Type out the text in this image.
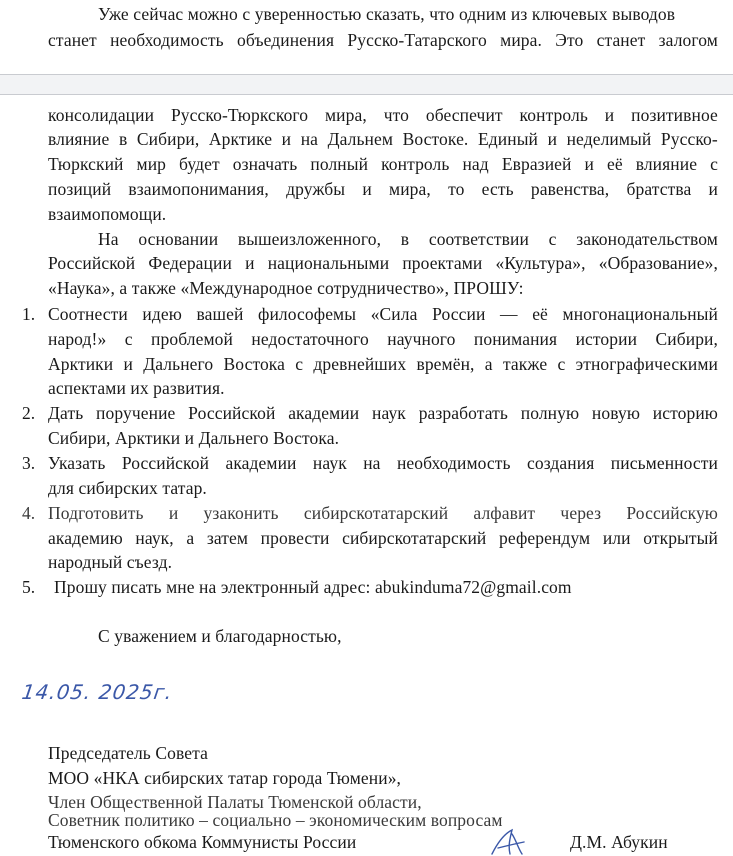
Уже сейчас можно с уверенностью сказать, что одним из ключевых выводов
станет необходимость объединения Русско-Татарского мира. Это станет залогом
консолидации Русско-Тюркского мира, что обеспечит контроль и позитивное
влияние в Сибири, Арктике и на Дальнем Востоке. Единый и неделимый Русско-
Тюркский мир будет означать полный контроль над Евразией и её влияние с
позиций взаимопонимания, дружбы и мира, то есть равенства, братства и
взаимопомощи.
На основании вышеизложенного, в соответствии с законодательством
Российской Федерации и национальными проектами «Культура», «Образование»,
«Наука», а также «Международное сотрудничество», ПРОШУ:
1. Соотнести идею вашей философемы «Сила России — её многонациональный
народ!» с проблемой недостаточного научного понимания истории Сибири,
Арктики и Дальнего Востока с древнейших времён, а также с этнографическими
аспектами их развития.
2. Дать поручение Российской академии наук разработать полную новую историю
Сибири, Арктики и Дальнего Востока.
3. Указать Российской академии наук на необходимость создания письменности
для сибирских татар.
4. Подготовить и узаконить сибирскотатарский алфавит через Российскую
академию наук, а затем провести сибирскотатарский референдум или открытый
народный съезд.
5. Прошу писать мне на электронный адрес: abukinduma72@gmail.com
С уважением и благодарностью,
14.05. 2025г.
Председатель Совета
МОО «НКА сибирских татар города Тюмени»,
Член Общественной Палаты Тюменской области,
Советник политико – социально – экономическим вопросам
Тюменского обкома Коммунисты России	Д.М. Абукин
